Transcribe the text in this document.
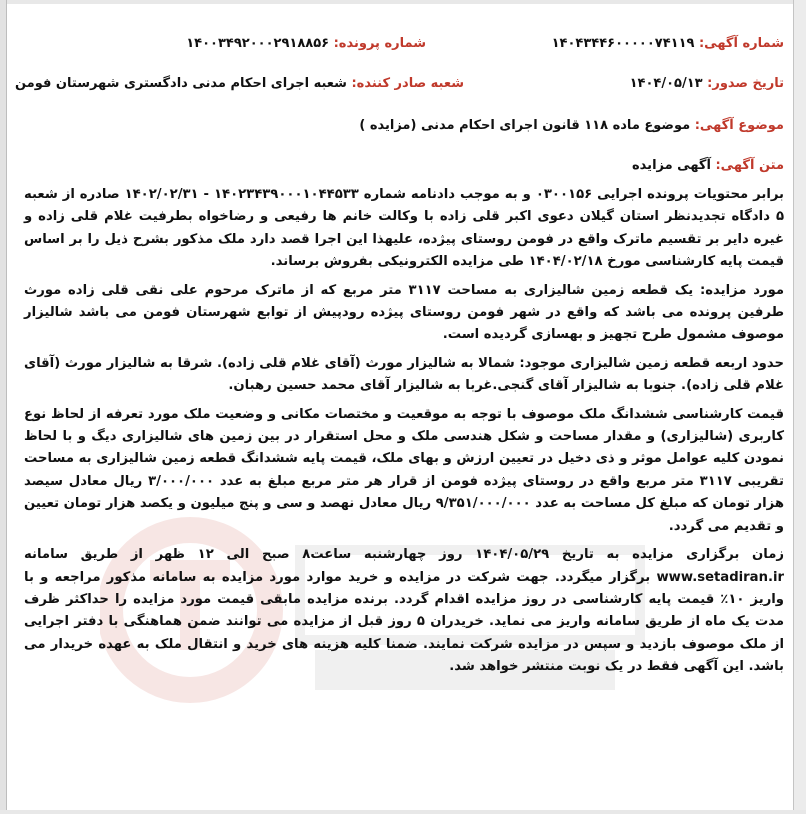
شماره آگهی: ۱۴۰۴۳۴۴۶۰۰۰۰۰۷۴۱۱۹
شماره پرونده: ۱۴۰۰۳۴۹۲۰۰۰۲۹۱۸۸۵۶
تاریخ صدور: ۱۴۰۴/۰۵/۱۳
شعبه صادر کننده: شعبه اجرای احکام مدنی دادگستری شهرستان فومن
موضوع آگهی: موضوع ماده ۱۱۸ قانون اجرای احکام مدنی (مزایده )
متن آگهی: آگهی مزایده

برابر محتویات پرونده اجرایی ۰۳۰۰۱۵۶ و به موجب دادنامه شماره ۱۴۰۲۳۴۳۹۰۰۰۱۰۴۴۵۳۳ - ۱۴۰۲/۰۲/۳۱ صادره از شعبه ۵ دادگاه تجدیدنظر استان گیلان دعوی اکبر قلی زاده با وکالت خانم ها رفیعی و رضاخواه بطرفیت غلام قلی زاده و غیره دایر بر تقسیم ماترک واقع در فومن روستای پیژده، علیهذا این اجرا قصد دارد ملک مذکور بشرح ذیل را بر اساس قیمت پایه کارشناسی مورخ ۱۴۰۴/۰۲/۱۸ طی مزایده الکترونیکی بفروش برساند.

مورد مزایده: یک قطعه زمین شالیزاری به مساحت ۳۱۱۷ متر مربع که از ماترک مرحوم علی نقی قلی زاده مورث طرفین پرونده می باشد که واقع در شهر فومن روستای پیژده رودپیش از توابع شهرستان فومن می باشد شالیزار موصوف مشمول طرح تجهیز و بهسازی گردیده است.

حدود اربعه قطعه زمین شالیزاری موجود: شمالا به شالیزار مورث (آقای غلام قلی زاده). شرقا به شالیزار مورث (آقای غلام قلی زاده). جنوبا به شالیزار آقای گنجی.غربا به شالیزار آقای محمد حسین رهبان.

قیمت کارشناسی ششدانگ ملک موصوف با توجه به موقعیت و مختصات مکانی و وضعیت ملک مورد تعرفه از لحاظ نوع کاربری (شالیزاری) و مقدار مساحت و شکل هندسی ملک و محل استقرار در بین زمین های شالیزاری دیگ و با لحاظ نمودن کلیه عوامل موثر و ذی دخیل در تعیین ارزش و بهای ملک، قیمت پایه ششدانگ قطعه زمین شالیزاری به مساحت تقریبی ۳۱۱۷ متر مربع واقع در روستای پیژده فومن از قرار هر متر مربع مبلغ به عدد ۳/۰۰۰/۰۰۰ ریال معادل سیصد هزار تومان که مبلغ کل مساحت به عدد ۹/۳۵۱/۰۰۰/۰۰۰ ریال معادل نهصد و سی و پنج میلیون و یکصد هزار تومان تعیین و تقدیم می گردد.

زمان برگزاری مزایده به تاریخ ۱۴۰۴/۰۵/۲۹ روز چهارشنبه ساعت۸ صبح الی ۱۲ ظهر از طریق سامانه www.setadiran.ir برگزار میگردد. جهت شرکت در مزایده و خرید موارد مورد مزایده به سامانه مذکور مراجعه و با واریز ۱۰٪ قیمت پایه کارشناسی در روز مزایده اقدام گردد. برنده مزایده مابقی قیمت مورد مزایده را حداکثر ظرف مدت یک ماه از طریق سامانه واریز می نماید. خریدران ۵ روز قبل از مزایده می توانند ضمن هماهنگی با دفتر اجرایی از ملک موصوف بازدید و سپس در مزایده شرکت نمایند. ضمنا کلیه هزینه های خرید و انتقال ملک به عهده خریدار می باشد. این آگهی فقط در یک نوبت منتشر خواهد شد.
